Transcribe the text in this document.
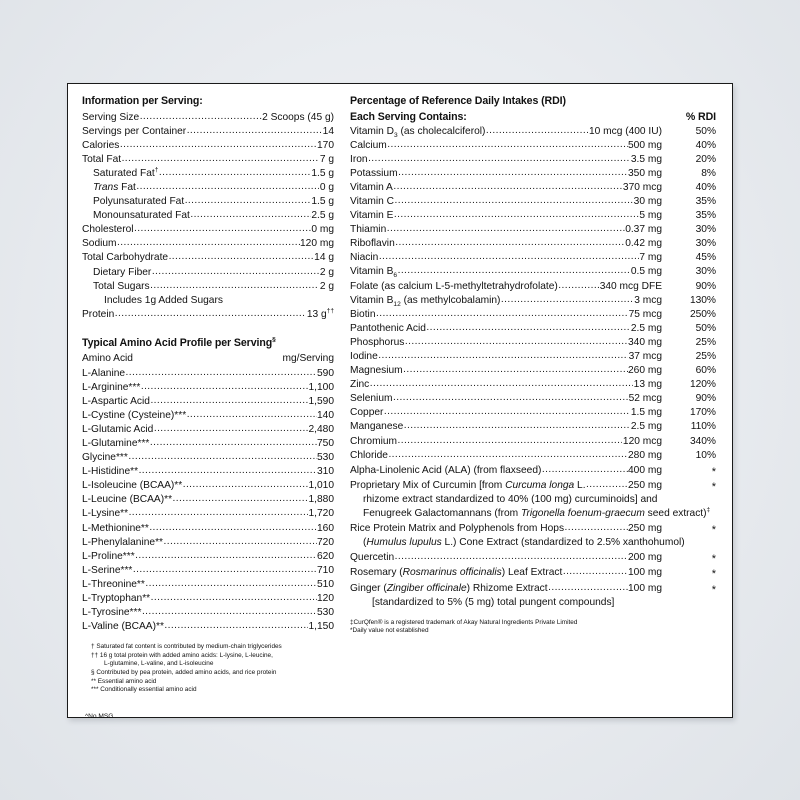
Information per Serving:
Serving Size .....	2 Scoops (45 g)
Servings per Container .....	14
Calories .....	170
Total Fat .....	7 g
Saturated Fat† .....	1.5 g
Trans Fat .....	0 g
Polyunsaturated Fat .....	1.5 g
Monounsaturated Fat .....	2.5 g
Cholesterol .....	0 mg
Sodium .....	120 mg
Total Carbohydrate .....	14 g
Dietary Fiber .....	2 g
Total Sugars .....	2 g
Includes 1g Added Sugars
Protein .....	13 g††
Typical Amino Acid Profile per Serving§
Amino Acid	mg/Serving
L-Alanine .....	590
L-Arginine*** .....	1,100
L-Aspartic Acid .....	1,590
L-Cystine (Cysteine)*** .....	140
L-Glutamic Acid .....	2,480
L-Glutamine*** .....	750
Glycine*** .....	530
L-Histidine** .....	310
L-Isoleucine (BCAA)** .....	1,010
L-Leucine (BCAA)** .....	1,880
L-Lysine** .....	1,720
L-Methionine** .....	160
L-Phenylalanine** .....	720
L-Proline*** .....	620
L-Serine*** .....	710
L-Threonine** .....	510
L-Tryptophan** .....	120
L-Tyrosine*** .....	530
L-Valine (BCAA)** .....	1,150
† Saturated fat content is contributed by medium-chain triglycerides
†† 16 g total protein with added amino acids: L-lysine, L-leucine,
L-glutamine, L-valine, and L-isoleucine
§ Contributed by pea protein, added amino acids, and rice protein
** Essential amino acid
*** Conditionally essential amino acid
^No MSG
Percentage of Reference Daily Intakes (RDI)
Each Serving Contains:	% RDI
Vitamin $D_3$ (as cholecalciferol) .....	10 mcg (400 IU)	50%
Calcium .....	500 mg	40%
Iron .....	3.5 mg	20%
Potassium .....	350 mg	8%
Vitamin A .....	370 mcg	40%
Vitamin C .....	30 mg	35%
Vitamin E .....	5 mg	35%
Thiamin .....	0.37 mg	30%
Riboflavin .....	0.42 mg	30%
Niacin .....	7 mg	45%
Vitamin $B_6$ .....	0.5 mg	30%
Folate (as calcium L-5-methyltetrahydrofolate) .....	340 mcg DFE	90%
Vitamin $B_{12}$ (as methylcobalamin) .....	3 mcg	130%
Biotin .....	75 mcg	250%
Pantothenic Acid .....	2.5 mg	50%
Phosphorus .....	340 mg	25%
Iodine .....	37 mcg	25%
Magnesium .....	260 mg	60%
Zinc .....	13 mg	120%
Selenium .....	52 mcg	90%
Copper .....	1.5 mg	170%
Manganese .....	2.5 mg	110%
Chromium .....	120 mcg	340%
Chloride .....	280 mg	10%
Alpha-Linolenic Acid (ALA) (from flaxseed) .....	400 mg	*
Proprietary Mix of Curcumin [from Curcuma longa L. .....	250 mg	*
rhizome extract standardized to 40% (100 mg) curcuminoids] and
Fenugreek Galactomannans (from Trigonella foenum-graecum seed extract)‡
Rice Protein Matrix and Polyphenols from Hops .....	250 mg	*
(Humulus lupulus L.) Cone Extract (standardized to 2.5% xanthohumol)
Quercetin .....	200 mg	*
Rosemary (Rosmarinus officinalis) Leaf Extract .....	100 mg	*
Ginger (Zingiber officinale) Rhizome Extract .....	100 mg	*
[standardized to 5% (5 mg) total pungent compounds]
‡CurQfen® is a registered trademark of Akay Natural Ingredients Private Limited
*Daily value not established
